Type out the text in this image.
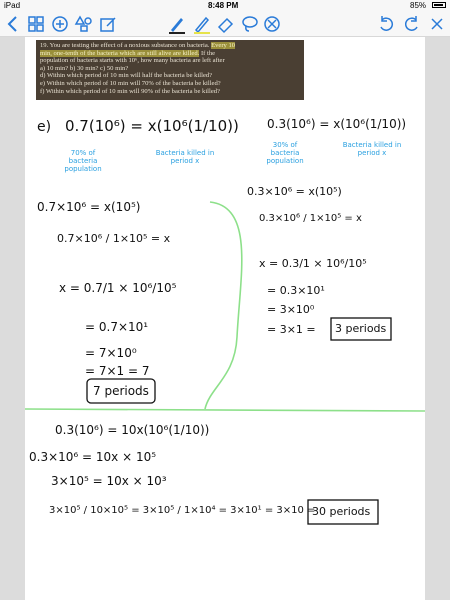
iPad	8:48 PM	85%
19. You are testing the effect of a noxious substance on bacteria. Every 10
min, one-tenth of the bacteria which are still alive are killed. If the
population of bacteria starts with 10⁶, how many bacteria are left after
a) 10 min? b) 30 min? c) 50 min?
d) Within which period of 10 min will half the bacteria be killed?
e) Within which period of 10 min will 70% of the bacteria be killed?
f) Within which period of 10 min will 90% of the bacteria be killed?
e) 0.7(10⁶) = x(10⁶(1/10))
70% of bacteria population
Bacteria killed in period x
0.3(10⁶) = x(10⁶(1/10))
30% of bacteria population
Bacteria killed in period x
0.7×10⁶ = x(10⁵)
0.7×10⁶ / 1×10⁵ = x
x = 0.7/1 × 10⁶/10⁵
= 0.7×10¹
= 7×10⁰
= 7×1 = 7
7 periods
0.3×10⁶ = x(10⁵)
0.3×10⁶ / 1×10⁵ = x
x = 0.3/1 × 10⁶/10⁵
= 0.3×10¹
= 3×10⁰
= 3×1 = 3 periods
0.3(10⁶) = 10x(10⁶(1/10))
0.3×10⁶ = 10x × 10⁵
3×10⁵ = 10x × 10³
3×10⁵ / 10×10⁵ = 3×10⁵ / 1×10⁴ = 3×10¹ = 3×10 =
30 periods
